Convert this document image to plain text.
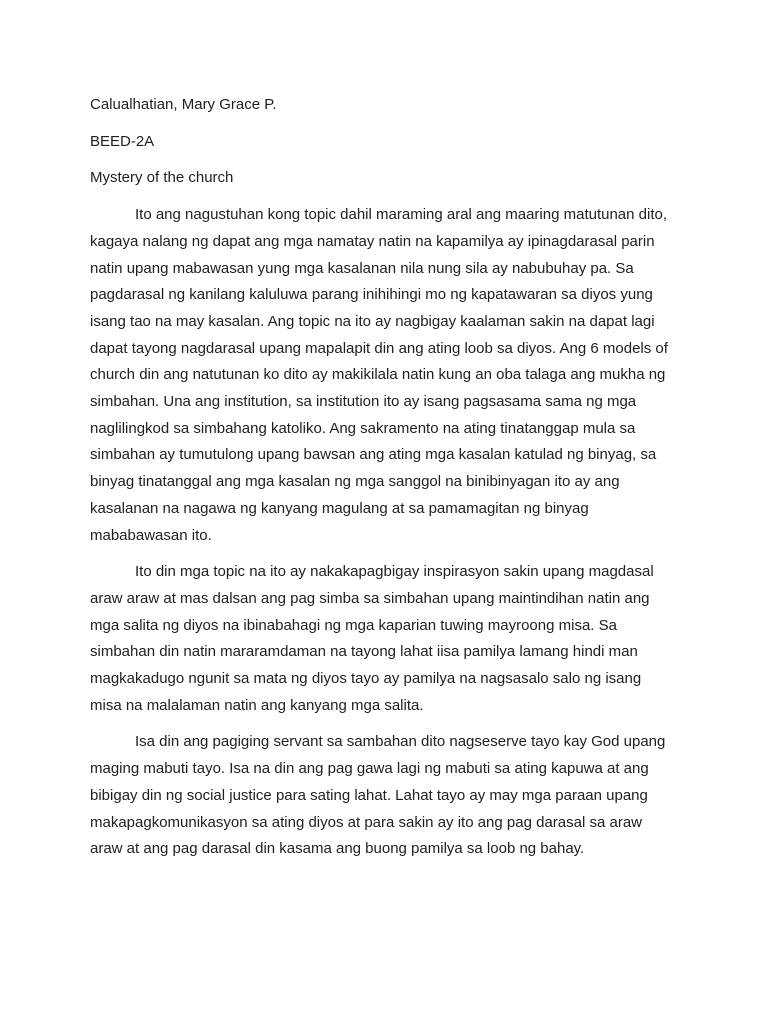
Calualhatian, Mary Grace P.

BEED-2A

Mystery of the church

Ito ang nagustuhan kong topic dahil maraming aral ang maaring matutunan dito,
kagaya nalang ng dapat ang mga namatay natin na kapamilya ay ipinagdarasal parin
natin upang mabawasan yung mga kasalanan nila nung sila ay nabubuhay pa. Sa
pagdarasal ng kanilang kaluluwa parang inihihingi mo ng kapatawaran sa diyos yung
isang tao na may kasalan. Ang topic na ito ay nagbigay kaalaman sakin na dapat lagi
dapat tayong nagdarasal upang mapalapit din ang ating loob sa diyos. Ang 6 models of
church din ang natutunan ko dito ay makikilala natin kung an oba talaga ang mukha ng
simbahan. Una ang institution, sa institution ito ay isang pagsasama sama ng mga
naglilingkod sa simbahang katoliko. Ang sakramento na ating tinatanggap mula sa
simbahan ay tumutulong upang bawsan ang ating mga kasalan katulad ng binyag, sa
binyag tinatanggal ang mga kasalan ng mga sanggol na binibinyagan ito ay ang
kasalanan na nagawa ng kanyang magulang at sa pamamagitan ng binyag
mababawasan ito.
Ito din mga topic na ito ay nakakapagbigay inspirasyon sakin upang magdasal
araw araw at mas dalsan ang pag simba sa simbahan upang maintindihan natin ang
mga salita ng diyos na ibinabahagi ng mga kaparian tuwing mayroong misa. Sa
simbahan din natin mararamdaman na tayong lahat iisa pamilya lamang hindi man
magkakadugo ngunit sa mata ng diyos tayo ay pamilya na nagsasalo salo ng isang
misa na malalaman natin ang kanyang mga salita.
Isa din ang pagiging servant sa sambahan dito nagseserve tayo kay God upang
maging mabuti tayo. Isa na din ang pag gawa lagi ng mabuti sa ating kapuwa at ang
bibigay din ng social justice para sating lahat. Lahat tayo ay may mga paraan upang
makapagkomunikasyon sa ating diyos at para sakin ay ito ang pag darasal sa araw
araw at ang pag darasal din kasama ang buong pamilya sa loob ng bahay.
